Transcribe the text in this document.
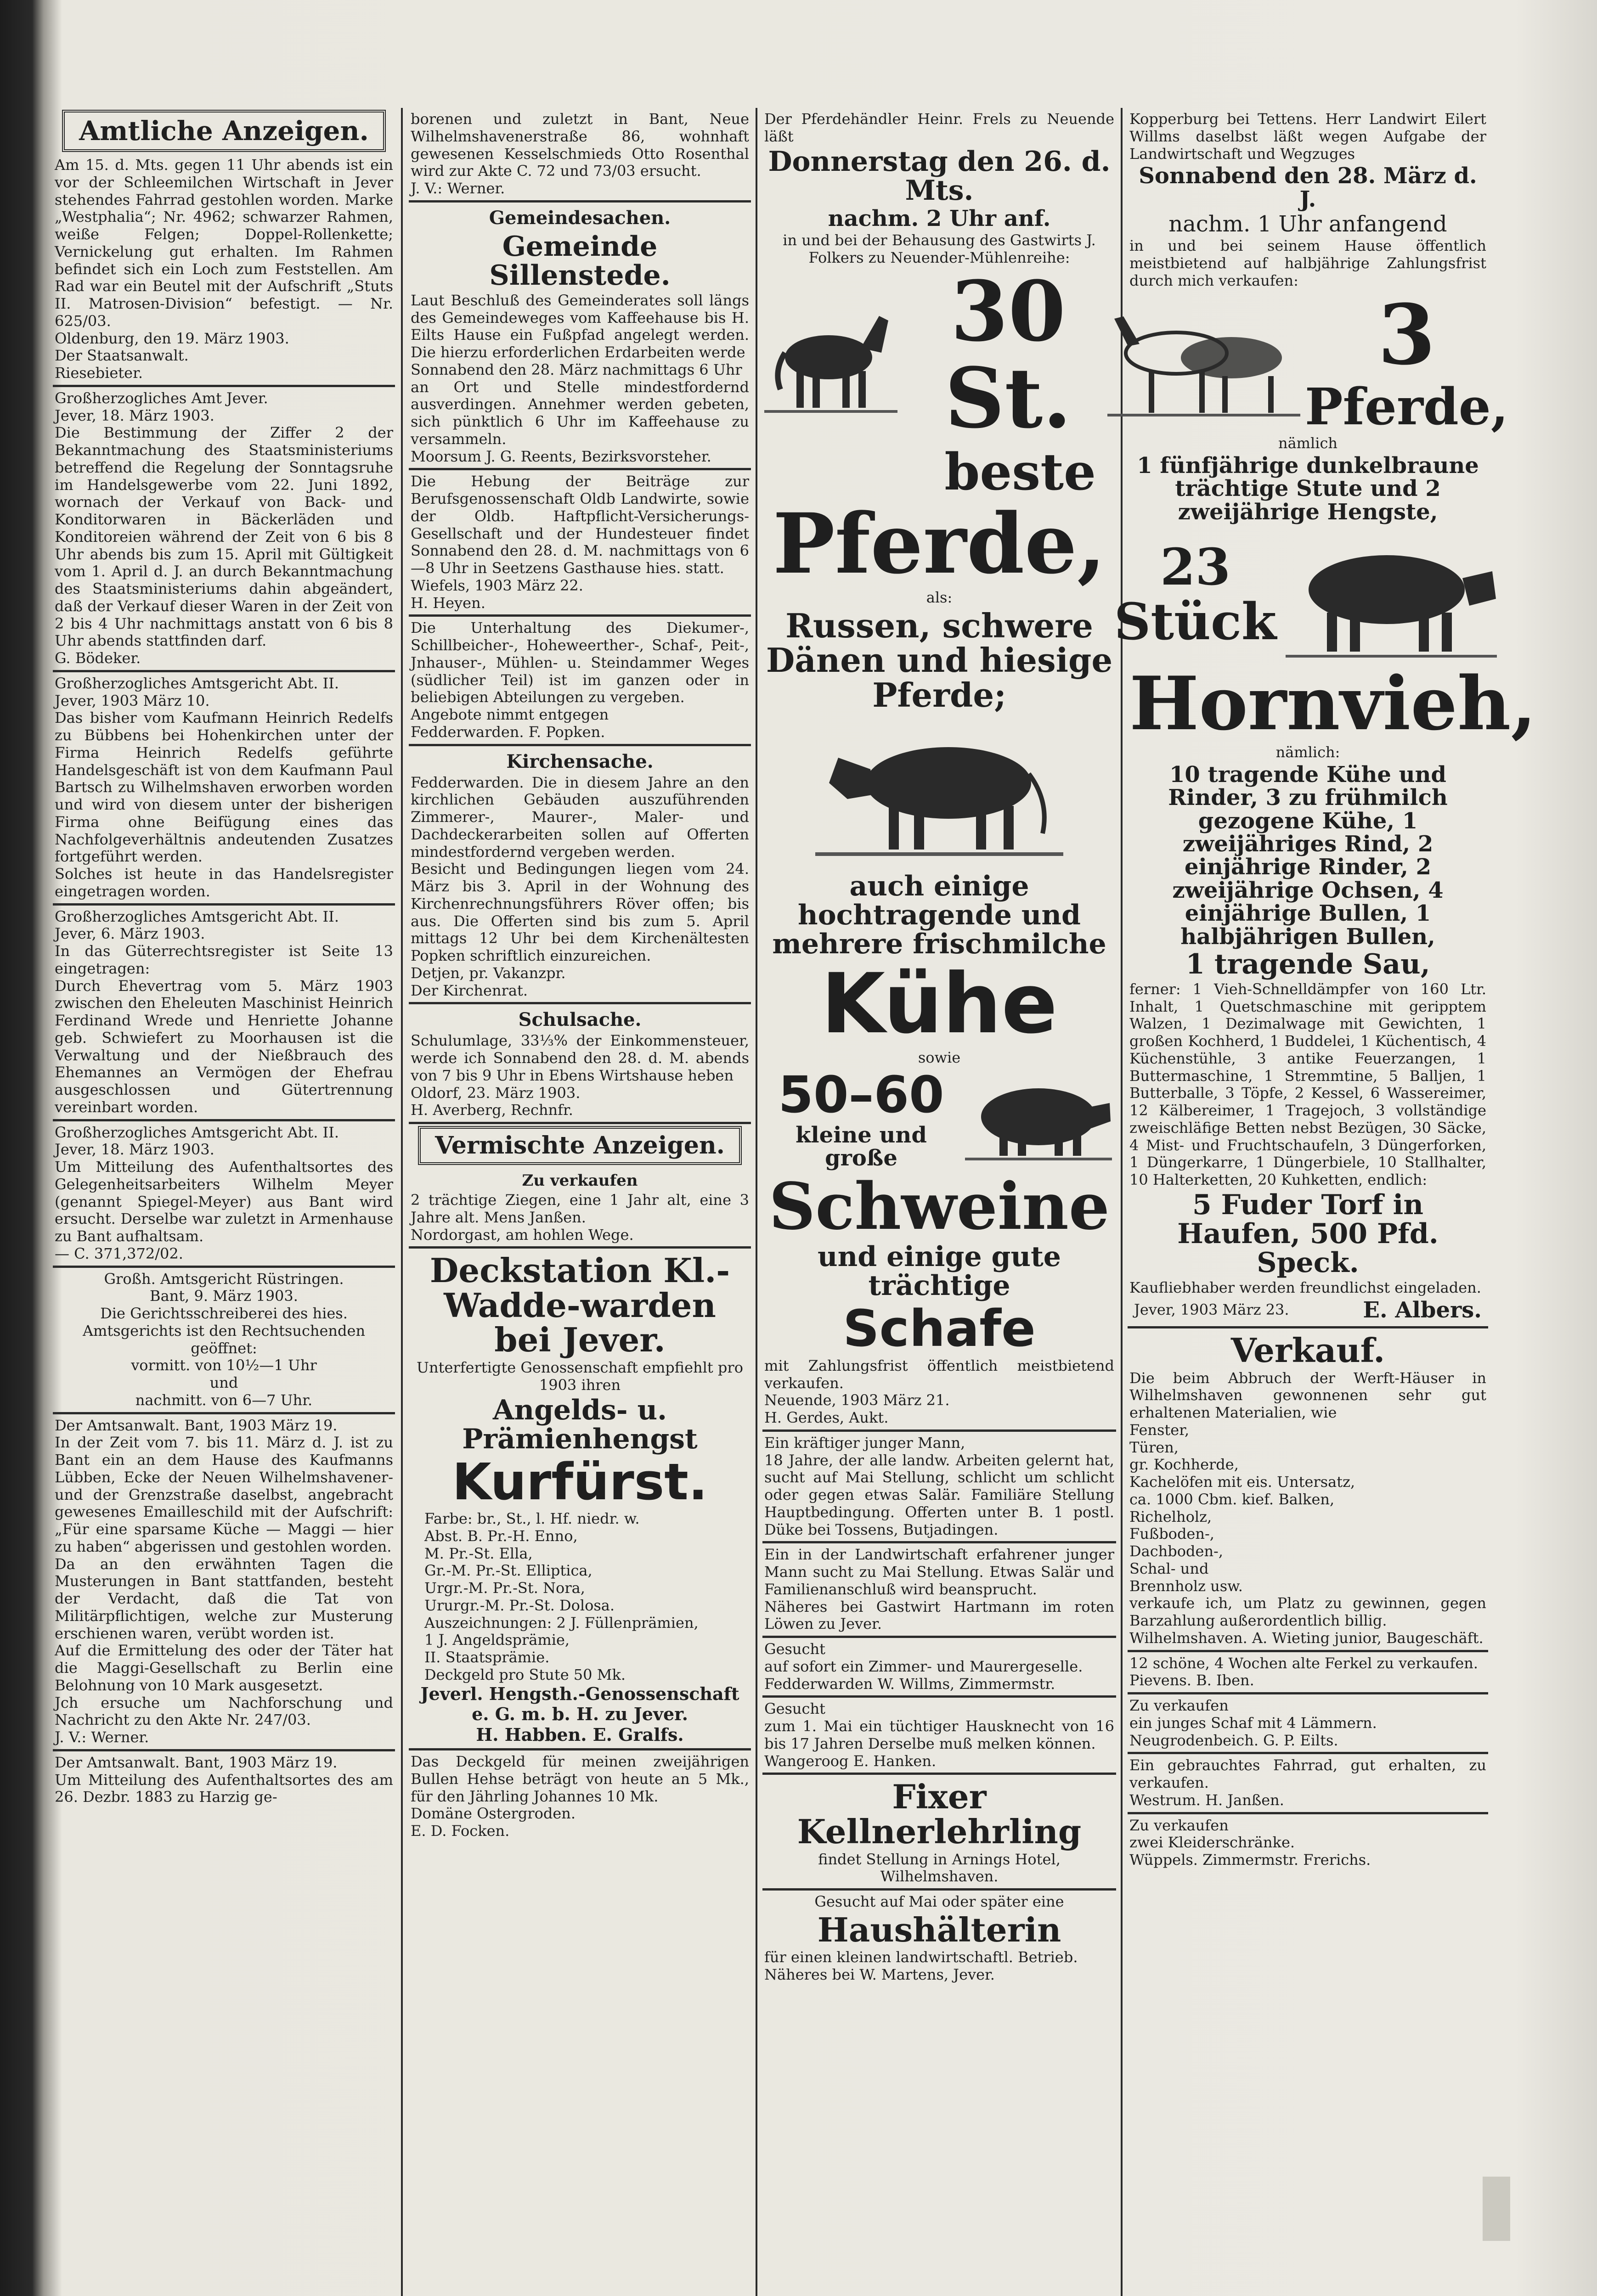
Amtliche Anzeigen.

Am 15. d. Mts. gegen 11 Uhr abends ist ein vor der Schleemilchen Wirtschaft in Jever stehendes Fahrrad gestohlen worden. Marke „Westphalia“; Nr. 4962; schwarzer Rahmen, weiße Felgen; Doppel-Rollenkette; Vernickelung gut erhalten. Im Rahmen befindet sich ein Loch zum Feststellen. Am Rad war ein Beutel mit der Aufschrift „Stuts II. Matrosen-Division“ befestigt. — Nr. 625/03.
Oldenburg, den 19. März 1903.
Der Staatsanwalt.
Riesebieter.

Großherzogliches Amt Jever.
Jever, 18. März 1903.
Die Bestimmung der Ziffer 2 der Bekanntmachung des Staatsministeriums betreffend die Regelung der Sonntagsruhe im Handelsgewerbe vom 22. Juni 1892, wornach der Verkauf von Back- und Konditorwaren in Bäckerläden und Konditoreien während der Zeit von 6 bis 8 Uhr abends bis zum 15. April mit Gültigkeit vom 1. April d. J. an durch Bekanntmachung des Staatsministeriums dahin abgeändert, daß der Verkauf dieser Waren in der Zeit von 2 bis 4 Uhr nachmittags anstatt von 6 bis 8 Uhr abends stattfinden darf.
G. Bödeker.

Großherzogliches Amtsgericht Abt. II.
Jever, 1903 März 10.
Das bisher vom Kaufmann Heinrich Redelfs zu Bübbens bei Hohenkirchen unter der Firma Heinrich Redelfs geführte Handelsgeschäft ist von dem Kaufmann Paul Bartsch zu Wilhelmshaven erworben worden und wird von diesem unter der bisherigen Firma ohne Beifügung eines das Nachfolgeverhältnis andeutenden Zusatzes fortgeführt werden.
Solches ist heute in das Handelsregister eingetragen worden.

Großherzogliches Amtsgericht Abt. II.
Jever, 6. März 1903.
In das Güterrechtsregister ist Seite 13 eingetragen:
Durch Ehevertrag vom 5. März 1903 zwischen den Eheleuten Maschinist Heinrich Ferdinand Wrede und Henriette Johanne geb. Schwiefert zu Moorhausen ist die Verwaltung und der Nießbrauch des Ehemannes an Vermögen der Ehefrau ausgeschlossen und Gütertrennung vereinbart worden.

Großherzogliches Amtsgericht Abt. II.
Jever, 18. März 1903.
Um Mitteilung des Aufenthaltsortes des Gelegenheitsarbeiters Wilhelm Meyer (genannt Spiegel-Meyer) aus Bant wird ersucht. Derselbe war zuletzt in Armenhause zu Bant aufhaltsam.
— C. 371,372/02.

Großh. Amtsgericht Rüstringen.
Bant, 9. März 1903.
Die Gerichtsschreiberei des hies. Amtsgerichts ist den Rechtsuchenden geöffnet:
vormitt. von 10½—1 Uhr
und
nachmitt. von 6—7 Uhr.

Der Amtsanwalt. Bant, 1903 März 19.
In der Zeit vom 7. bis 11. März d. J. ist zu Bant ein an dem Hause des Kaufmanns Lübben, Ecke der Neuen Wilhelmshavener- und der Grenzstraße daselbst, angebracht gewesenes Emailleschild mit der Aufschrift: „Für eine sparsame Küche — Maggi — hier zu haben“ abgerissen und gestohlen worden.
Da an den erwähnten Tagen die Musterungen in Bant stattfanden, besteht der Verdacht, daß die Tat von Militärpflichtigen, welche zur Musterung erschienen waren, verübt worden ist.
Auf die Ermittelung des oder der Täter hat die Maggi-Gesellschaft zu Berlin eine Belohnung von 10 Mark ausgesetzt.
Jch ersuche um Nachforschung und Nachricht zu den Akte Nr. 247/03.
J. V.: Werner.

Der Amtsanwalt. Bant, 1903 März 19.
Um Mitteilung des Aufenthaltsortes des am 26. Dezbr. 1883 zu Harzig ge-

borenen und zuletzt in Bant, Neue Wilhelmshavenerstraße 86, wohnhaft gewesenen Kesselschmieds Otto Rosenthal wird zur Akte C. 72 und 73/03 ersucht.
J. V.: Werner.

Gemeindesachen.
Gemeinde Sillenstede.

Laut Beschluß des Gemeinderates soll längs des Gemeindeweges vom Kaffeehause bis H. Eilts Hause ein Fußpfad angelegt werden. Die hierzu erforderlichen Erdarbeiten werde
Sonnabend den 28. März nachmittags 6 Uhr
an Ort und Stelle mindestfordernd ausverdingen. Annehmer werden gebeten, sich pünktlich 6 Uhr im Kaffeehause zu versammeln.
Moorsum J. G. Reents, Bezirksvorsteher.

Die Hebung der Beiträge zur Berufsgenossenschaft Oldb Landwirte, sowie der Oldb. Haftpflicht-Versicherungs-Gesellschaft und der Hundesteuer findet Sonnabend den 28. d. M. nachmittags von 6—8 Uhr in Seetzens Gasthause hies. statt.
Wiefels, 1903 März 22.
H. Heyen.

Die Unterhaltung des Diekumer-, Schillbeicher-, Hoheweerther-, Schaf-, Peit-, Jnhauser-, Mühlen- u. Steindammer Weges (südlicher Teil) ist im ganzen oder in beliebigen Abteilungen zu vergeben.
Angebote nimmt entgegen
Fedderwarden. F. Popken.

Kirchensache.

Fedderwarden. Die in diesem Jahre an den kirchlichen Gebäuden auszuführenden Zimmerer-, Maurer-, Maler- und Dachdeckerarbeiten sollen auf Offerten mindestfordernd vergeben werden.
Besicht und Bedingungen liegen vom 24. März bis 3. April in der Wohnung des Kirchenrechnungsführers Röver offen; bis aus. Die Offerten sind bis zum 5. April mittags 12 Uhr bei dem Kirchenältesten Popken schriftlich einzureichen.
Detjen, pr. Vakanzpr.
Der Kirchenrat.

Schulsache.

Schulumlage, 33⅓% der Einkommensteuer, werde ich Sonnabend den 28. d. M. abends von 7 bis 9 Uhr in Ebens Wirtshause heben
Oldorf, 23. März 1903.
H. Averberg, Rechnfr.

Vermischte Anzeigen.
Zu verkaufen

2 trächtige Ziegen, eine 1 Jahr alt, eine 3 Jahre alt. Mens Janßen.
Nordorgast, am hohlen Wege.

Deckstation Kl.-Wadde-warden bei Jever.

Unterfertigte Genossenschaft empfiehlt pro 1903 ihren

Angelds- u. Prämienhengst
Kurfürst.

Farbe: br., St., l. Hf. niedr. w.
Abst. B. Pr.-H. Enno,
M. Pr.-St. Ella,
Gr.-M. Pr.-St. Elliptica,
Urgr.-M. Pr.-St. Nora,
Ururgr.-M. Pr.-St. Dolosa.
Auszeichnungen: 2 J. Füllenprämien,
1 J. Angeldsprämie,
II. Staatsprämie.
Deckgeld pro Stute 50 Mk.

Jeverl. Hengsth.-Genossenschaft e. G. m. b. H. zu Jever.
H. Habben. E. Gralfs.

Das Deckgeld für meinen zweijährigen Bullen Hehse beträgt von heute an 5 Mk., für den Jährling Johannes 10 Mk.
Domäne Ostergroden.
E. D. Focken.

Der Pferdehändler Heinr. Frels zu Neuende läßt

Donnerstag den 26. d. Mts.
nachm. 2 Uhr anf.

in und bei der Behausung des Gastwirts J. Folkers zu Neuender-Mühlenreihe:

30 St.
beste
Pferde,

als:

Russen, schwere Dänen und hiesige Pferde;
auch einige hochtragende und mehrere frischmilche
Kühe

sowie

50–60
kleine und große
Schweine
und einige gute trächtige
Schafe

mit Zahlungsfrist öffentlich meistbietend verkaufen.
Neuende, 1903 März 21.
H. Gerdes, Aukt.

Ein kräftiger junger Mann,
18 Jahre, der alle landw. Arbeiten gelernt hat, sucht auf Mai Stellung, schlicht um schlicht oder gegen etwas Salär. Familiäre Stellung Hauptbedingung. Offerten unter B. 1 postl. Düke bei Tossens, Butjadingen.

Ein in der Landwirtschaft erfahrener junger Mann sucht zu Mai Stellung. Etwas Salär und Familienanschluß wird beansprucht.
Näheres bei Gastwirt Hartmann im roten Löwen zu Jever.

Gesucht
auf sofort ein Zimmer- und Maurergeselle.
Fedderwarden W. Willms, Zimmermstr.

Gesucht
zum 1. Mai ein tüchtiger Hausknecht von 16 bis 17 Jahren Derselbe muß melken können.
Wangeroog E. Hanken.

Fixer Kellnerlehrling

findet Stellung in Arnings Hotel, Wilhelmshaven.

Gesucht auf Mai oder später eine

Haushälterin

für einen kleinen landwirtschaftl. Betrieb.
Näheres bei W. Martens, Jever.

Kopperburg bei Tettens. Herr Landwirt Eilert Willms daselbst läßt wegen Aufgabe der Landwirtschaft und Wegzuges

Sonnabend den 28. März d. J.
nachm. 1 Uhr anfangend

in und bei seinem Hause öffentlich meistbietend auf halbjährige Zahlungsfrist durch mich verkaufen:

3
Pferde,

nämlich

1 fünfjährige dunkelbraune trächtige Stute und 2 zweijährige Hengste,
23
Stück
Hornvieh,

nämlich:

10 tragende Kühe und Rinder, 3 zu frühmilch gezogene Kühe, 1 zweijähriges Rind, 2 einjährige Rinder, 2 zweijährige Ochsen, 4 einjährige Bullen, 1 halbjährigen Bullen,
1 tragende Sau,

ferner: 1 Vieh-Schnelldämpfer von 160 Ltr. Inhalt, 1 Quetschmaschine mit geripptem Walzen, 1 Dezimalwage mit Gewichten, 1 großen Kochherd, 1 Buddelei, 1 Küchentisch, 4 Küchenstühle, 3 antike Feuerzangen, 1 Buttermaschine, 1 Stremmtine, 5 Balljen, 1 Butterballe, 3 Töpfe, 2 Kessel, 6 Wassereimer, 12 Kälbereimer, 1 Tragejoch, 3 vollständige zweischläfige Betten nebst Bezügen, 30 Säcke, 4 Mist- und Fruchtschaufeln, 3 Düngerforken, 1 Düngerkarre, 1 Düngerbiele, 10 Stallhalter, 10 Halterketten, 20 Kuhketten, endlich:

5 Fuder Torf in Haufen, 500 Pfd. Speck.

Kaufliebhaber werden freundlichst eingeladen.

Jever, 1903 März 23.	E. Albers.
Verkauf.

Die beim Abbruch der Werft-Häuser in Wilhelmshaven gewonnenen sehr gut erhaltenen Materialien, wie
Fenster,
Türen,
gr. Kochherde,
Kachelöfen mit eis. Untersatz,
ca. 1000 Cbm. kief. Balken,
Richelholz,
Fußboden-,
Dachboden-,
Schal- und
Brennholz usw.
verkaufe ich, um Platz zu gewinnen, gegen Barzahlung außerordentlich billig.
Wilhelmshaven. A. Wieting junior, Baugeschäft.

12 schöne, 4 Wochen alte Ferkel zu verkaufen.
Pievens. B. Iben.

Zu verkaufen
ein junges Schaf mit 4 Lämmern.
Neugrodenbeich. G. P. Eilts.

Ein gebrauchtes Fahrrad, gut erhalten, zu verkaufen.
Westrum. H. Janßen.

Zu verkaufen
zwei Kleiderschränke.
Wüppels. Zimmermstr. Frerichs.
